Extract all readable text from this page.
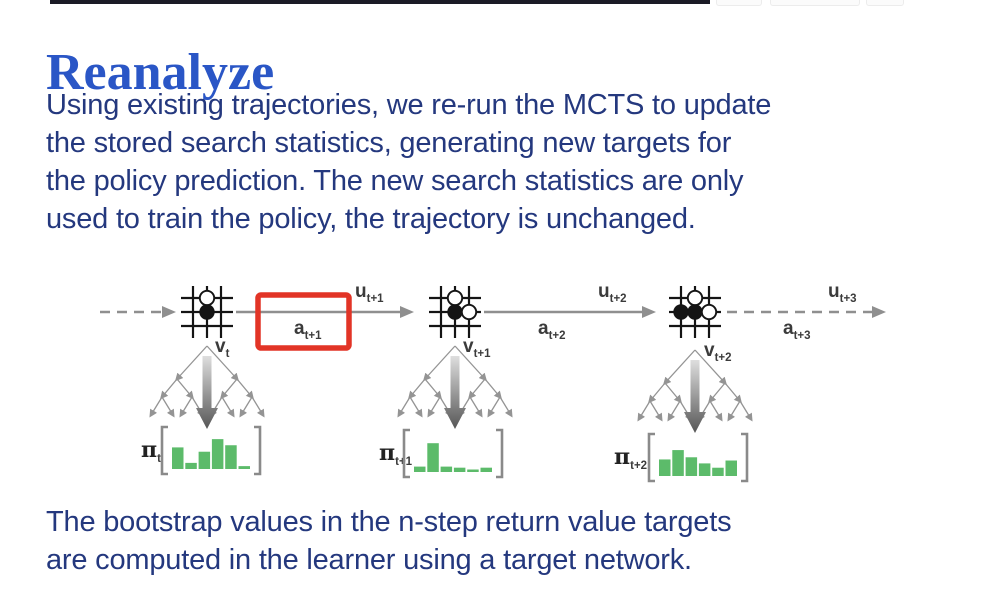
Reanalyze
Using existing trajectories, we re-run the MCTS to update
the stored search statistics, generating new targets for
the policy prediction. The new search statistics are only
used to train the policy, the trajectory is unchanged.
$u_{t+1}$
$a_{t+1}$
$u_{t+2}$
$a_{t+2}$
$u_{t+3}$
$a_{t+3}$
$v_t$	$v_{t+1}$	$v_{t+2}$
$\pi_t$	$\pi_{t+1}$	$\pi_{t+2}$
The bootstrap values in the n-step return value targets
are computed in the learner using a target network.
